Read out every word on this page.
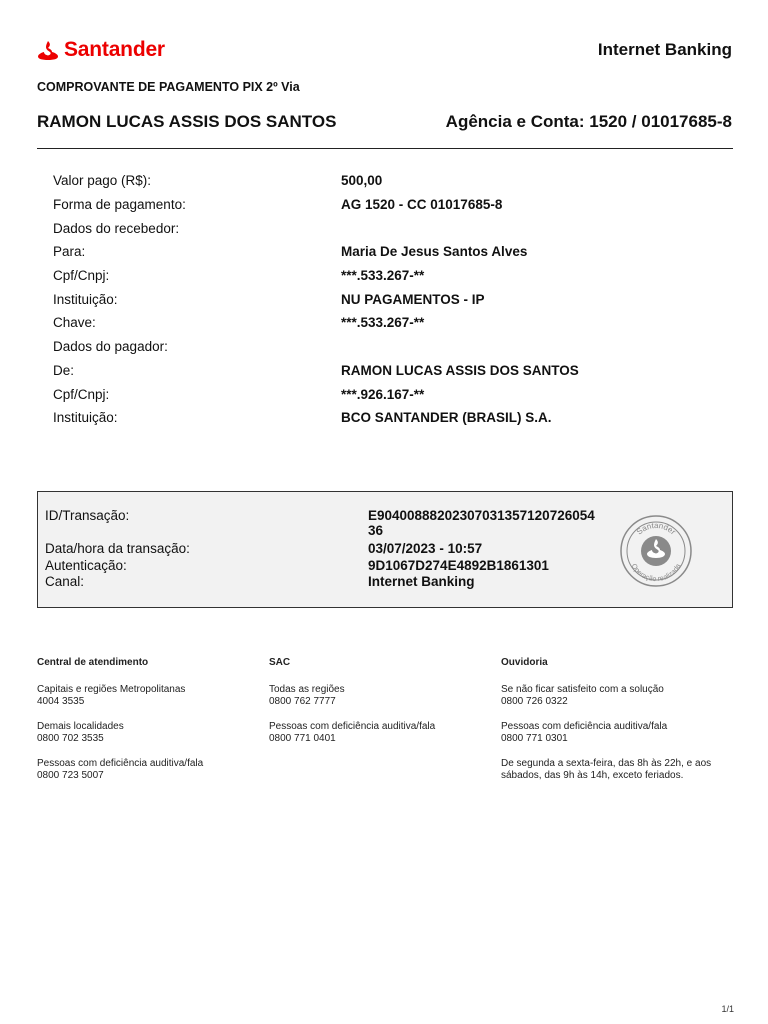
Santander	Internet Banking
COMPROVANTE DE PAGAMENTO PIX 2º Via
RAMON LUCAS ASSIS DOS SANTOS	Agência e Conta: 1520 / 01017685-8
Valor pago (R$):	500,00
Forma de pagamento:	AG 1520 - CC 01017685-8
Dados do recebedor:
Para:	Maria De Jesus Santos Alves
Cpf/Cnpj:	***.533.267-**
Instituição:	NU PAGAMENTOS - IP
Chave:	***.533.267-**
Dados do pagador:
De:	RAMON LUCAS ASSIS DOS SANTOS
Cpf/Cnpj:	***.926.167-**
Instituição:	BCO SANTANDER (BRASIL) S.A.
ID/Transação:	E9040088820230703135712072605436
Data/hora da transação:	03/07/2023 - 10:57
Autenticação:	9D1067D274E4892B1861301
Canal:	Internet Banking
Santander
Operação realizada
Central de atendimento
Capitais e regiões Metropolitanas
4004 3535
Demais localidades
0800 702 3535
Pessoas com deficiência auditiva/fala
0800 723 5007
SAC
Todas as regiões
0800 762 7777
Pessoas com deficiência auditiva/fala
0800 771 0401
Ouvidoria
Se não ficar satisfeito com a solução
0800 726 0322
Pessoas com deficiência auditiva/fala
0800 771 0301
De segunda a sexta-feira, das 8h às 22h, e aos
sábados, das 9h às 14h, exceto feriados.
1/1
